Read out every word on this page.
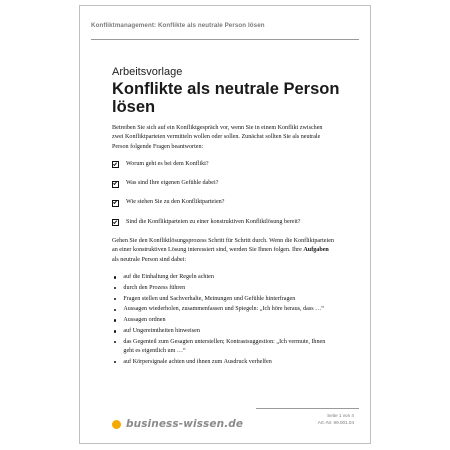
Konfliktmanagement: Konflikte als neutrale Person lösen
Arbeitsvorlage
Konflikte als neutrale Person lösen

Betreiben Sie sich auf ein Konfliktgespräch vor, wenn Sie in einem Konflikt zwischen zwei Konfliktparteien vermitteln wollen oder sollen. Zunächst sollten Sie als neutrale Person folgende Fragen beantworten:

Worum geht es bei dem Konflikt?
Was sind Ihre eigenen Gefühle dabei?
Wie stehen Sie zu den Konfliktparteien?
Sind die Konfliktparteien zu einer konstruktiven Konfliktlösung bereit?

Gehen Sie den Konfliktlösungsprozess Schritt für Schritt durch. Wenn die Konfliktparteien an einer konstruktiven Lösung interessiert sind, werden Sie Ihnen folgen. Ihre Aufgaben als neutrale Person sind dabei:

auf die Einhaltung der Regeln achten
durch den Prozess führen
Fragen stellen und Sachverhalte, Meinungen und Gefühle hinterfragen
Aussagen wiederholen, zusammenfassen und Spiegeln: „Ich höre heraus, dass …“
Aussagen ordnen
auf Ungereimtheiten hinweisen
das Gegenteil zum Gesagten unterstellen; Kontrastsuggestion: „Ich vermute, Ihnen geht es eigentlich um …“
auf Körpersignale achten und ihnen zum Ausdruck verhelfen
business-wissen.de
Seite 1 von 4
Art.-Nr. 99.001.04
